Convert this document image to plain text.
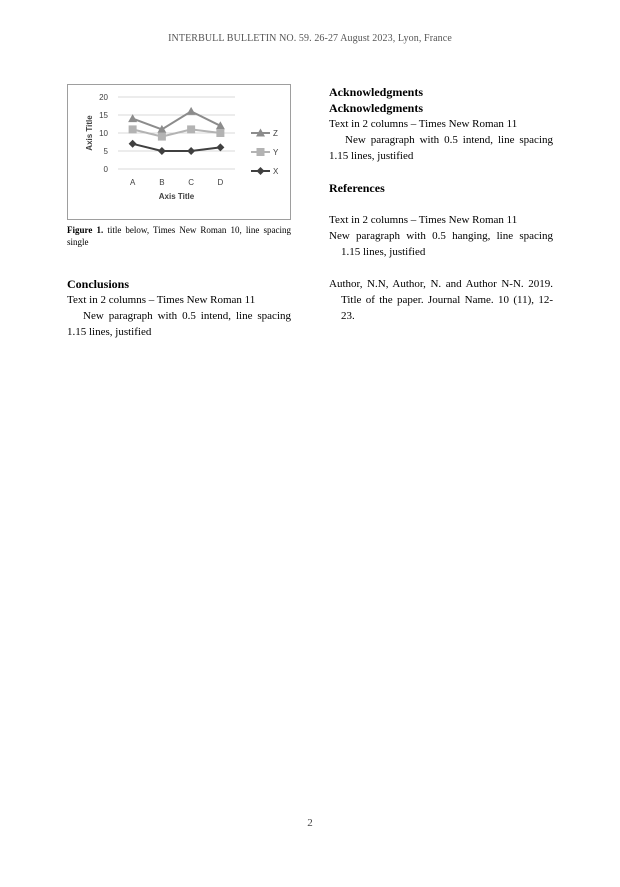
INTERBULL BULLETIN NO. 59. 26-27 August 2023, Lyon, France
0
5
10
15
20
A	B	C	D
Axis Title
Axis Title	Z
Y
X

Figure 1. title below, Times New Roman 10, line spacing single

Conclusions

Text in 2 columns – Times New Roman 11

New paragraph with 0.5 intend, line spacing 1.15 lines, justified

Acknowledgments
Acknowledgments

Text in 2 columns – Times New Roman 11

New paragraph with 0.5 intend, line spacing 1.15 lines, justified

References

Text in 2 columns – Times New Roman 11

New paragraph with 0.5 hanging, line spacing 1.15 lines, justified

Author, N.N, Author, N. and Author N-N. 2019. Title of the paper. Journal Name. 10 (11), 12-23.

2
